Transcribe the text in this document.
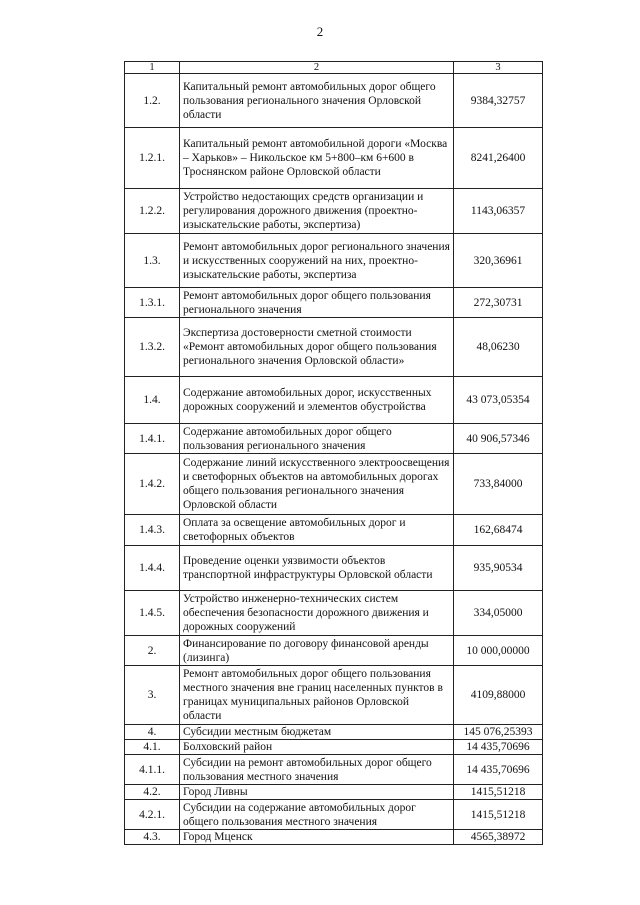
2
1	2	3
1.2.	Капитальный ремонт автомобильных дорог общего пользования регионального значения Орловской области	9384,32757
1.2.1.	Капитальный ремонт автомобильной дороги «Москва – Харьков» – Никольское км 5+800–км 6+600 в Троснянском районе Орловской области	8241,26400
1.2.2.	Устройство недостающих средств организации и регулирования дорожного движения (проектно-изыскательские работы, экспертиза)	1143,06357
1.3.	Ремонт автомобильных дорог регионального значения и искусственных сооружений на них, проектно-изыскательские работы, экспертиза	320,36961
1.3.1.	Ремонт автомобильных дорог общего пользования регионального значения	272,30731
1.3.2.	Экспертиза достоверности сметной стоимости «Ремонт автомобильных дорог общего пользования регионального значения Орловской области»	48,06230
1.4.	Содержание автомобильных дорог, искусственных дорожных сооружений и элементов обустройства	43 073,05354
1.4.1.	Содержание автомобильных дорог общего пользования регионального значения	40 906,57346
1.4.2.	Содержание линий искусственного электроосвещения и светофорных объектов на автомобильных дорогах общего пользования регионального значения Орловской области	733,84000
1.4.3.	Оплата за освещение автомобильных дорог и светофорных объектов	162,68474
1.4.4.	Проведение оценки уязвимости объектов транспортной инфраструктуры Орловской области	935,90534
1.4.5.	Устройство инженерно-технических систем обеспечения безопасности дорожного движения и дорожных сооружений	334,05000
2.	Финансирование по договору финансовой аренды (лизинга)	10 000,00000
3.	Ремонт автомобильных дорог общего пользования местного значения вне границ населенных пунктов в границах муниципальных районов Орловской области	4109,88000
4.	Субсидии местным бюджетам	145 076,25393
4.1.	Болховский район	14 435,70696
4.1.1.	Субсидии на ремонт автомобильных дорог общего пользования местного значения	14 435,70696
4.2.	Город Ливны	1415,51218
4.2.1.	Субсидии на содержание автомобильных дорог общего пользования местного значения	1415,51218
4.3.	Город Мценск	4565,38972
